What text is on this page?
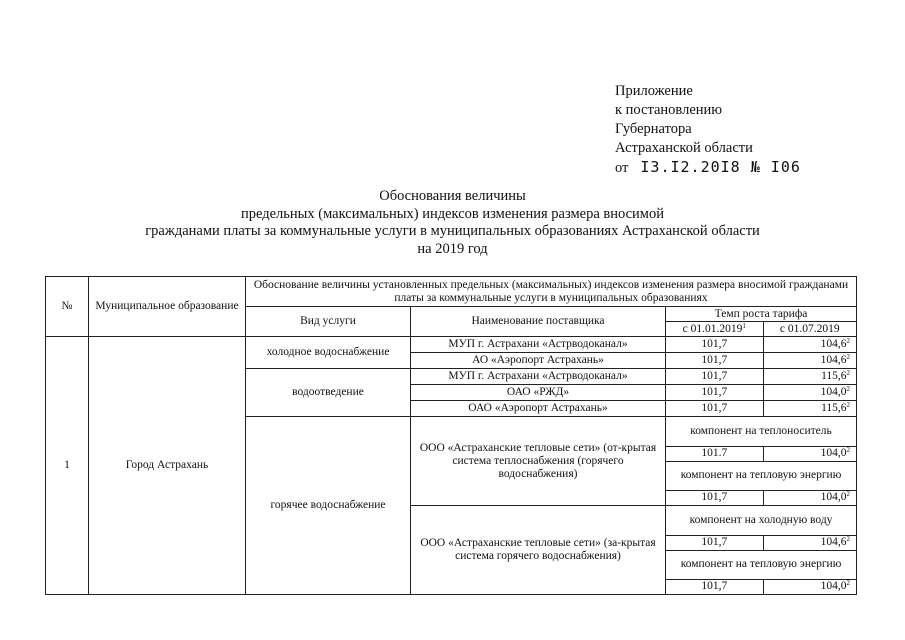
Приложение
к постановлению
Губернатора
Астраханской области
от I3.I2.20I8 № I06
Обоснования величины
предельных (максимальных) индексов изменения размера вносимой
гражданами платы за коммунальные услуги в муниципальных образованиях Астраханской области
на 2019 год
№	Муниципальное образование	Обоснование величины установленных предельных (максимальных) индексов изменения размера вносимой гражданами платы за коммунальные услуги в муниципальных образованиях
Вид услуги	Наименование поставщика	Темп роста тарифа
с 01.01.2019$^1$	с 01.07.2019
1	Город Астрахань	холодное водоснабжение	МУП г. Астрахани «Астрводоканал»	101,7	104,6$^2$
АО «Аэропорт Астрахань»	101,7	104,6$^2$
водоотведение	МУП г. Астрахани «Астрводоканал»	101,7	115,6$^2$
ОАО «РЖД»	101,7	104,0$^2$
ОАО «Аэропорт Астрахань»	101,7	115,6$^2$
горячее водоснабжение	ООО «Астраханские тепловые сети» (от-крытая система теплоснабжения (горячего водоснабжения)	
компонент на теплоноситель
101.7	104,0$^2$
компонент на тепловую энергию
101,7	104,0$^2$

ООО «Астраханские тепловые сети» (за-крытая система горячего водоснабжения)	
компонент на холодную воду
101,7	104,6$^2$
компонент на тепловую энергию
101,7	104,0$^2$
